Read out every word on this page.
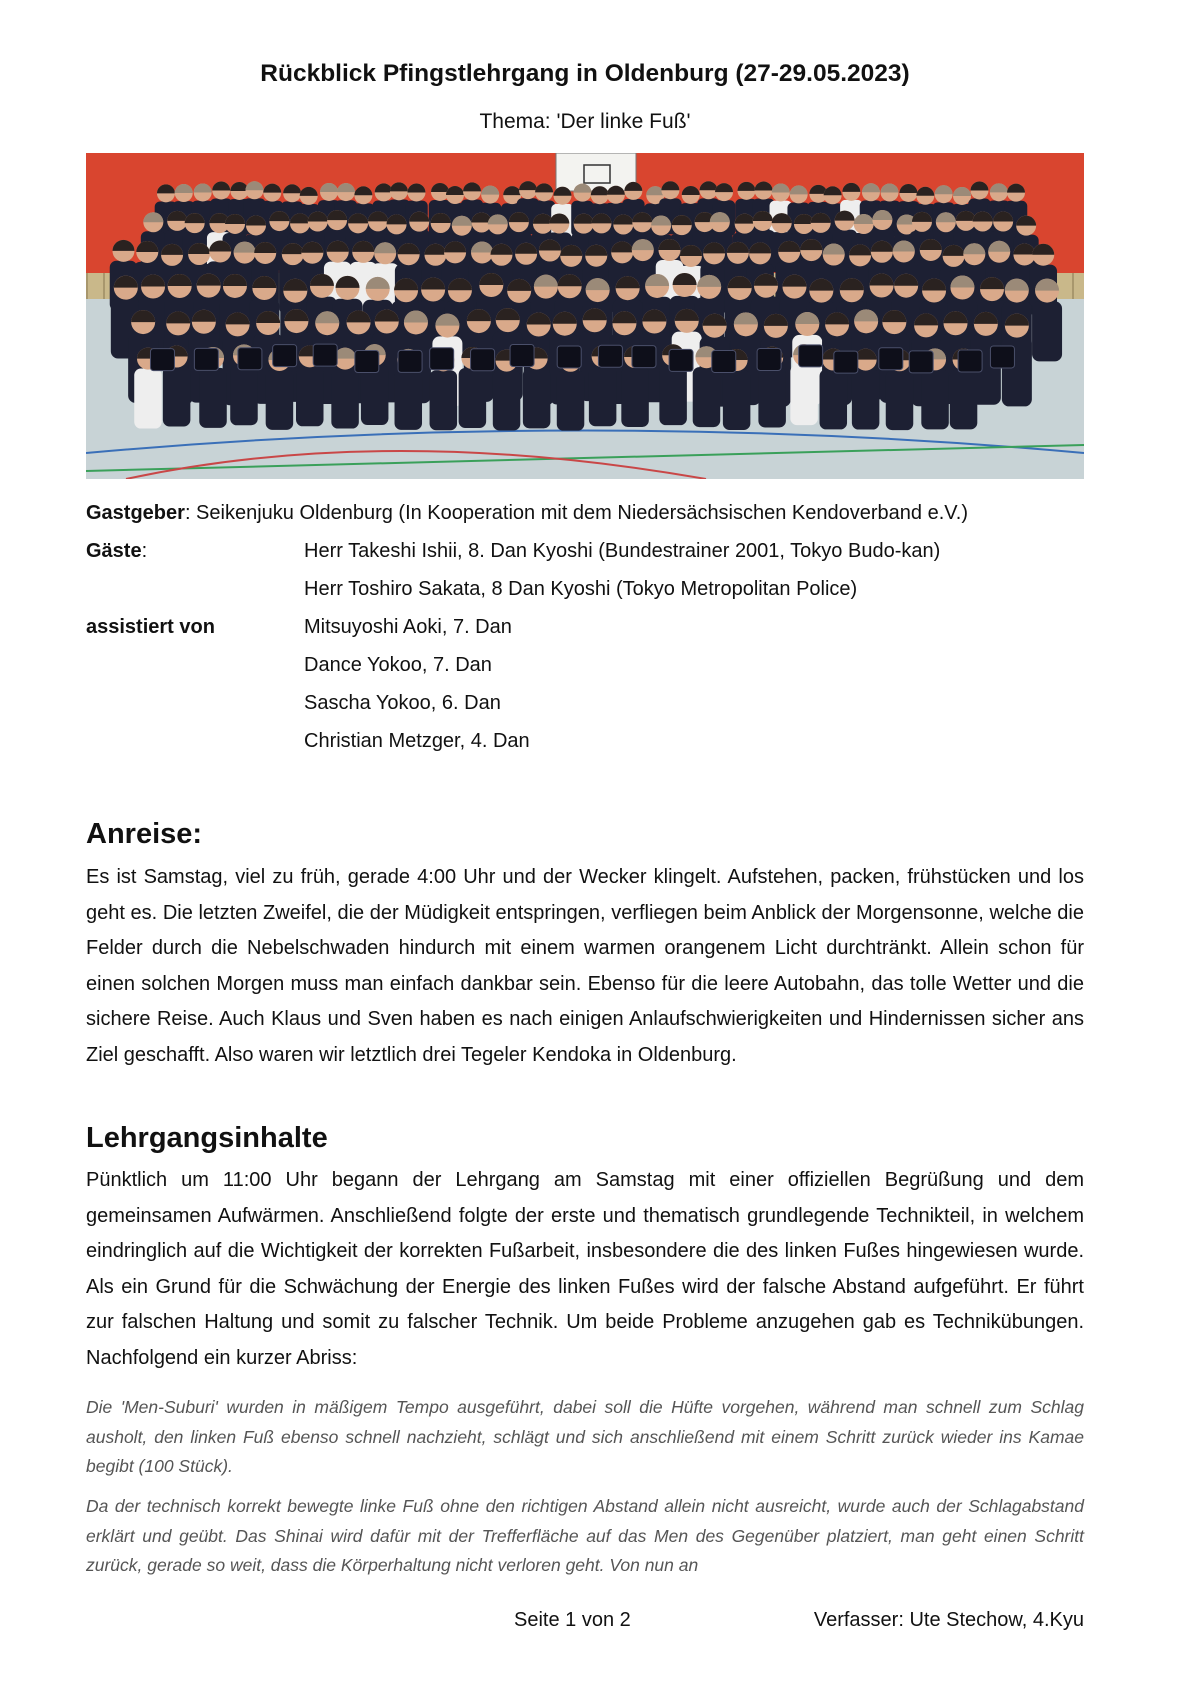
Rückblick Pfingstlehrgang in Oldenburg (27-29.05.2023)
Thema: 'Der linke Fuß'
Gastgeber: Seikenjuku Oldenburg (In Kooperation mit dem Niedersächsischen Kendoverband e.V.)
Gäste:	Herr Takeshi Ishii, 8. Dan Kyoshi (Bundestrainer 2001, Tokyo Budo-kan)
Herr Toshiro Sakata, 8 Dan Kyoshi (Tokyo Metropolitan Police)
assistiert von	Mitsuyoshi Aoki, 7. Dan
Dance Yokoo, 7. Dan
Sascha Yokoo, 6. Dan
Christian Metzger, 4. Dan
Anreise:

Es ist Samstag, viel zu früh, gerade 4:00 Uhr und der Wecker klingelt. Aufstehen, packen, frühstücken und los geht es. Die letzten Zweifel, die der Müdigkeit entspringen, verfliegen beim Anblick der Morgensonne, welche die Felder durch die Nebelschwaden hindurch mit einem warmen orangenem Licht durchtränkt. Allein schon für einen solchen Morgen muss man einfach dankbar sein. Ebenso für die leere Autobahn, das tolle Wetter und die sichere Reise. Auch Klaus und Sven haben es nach einigen Anlaufschwierigkeiten und Hindernissen sicher ans Ziel geschafft. Also waren wir letztlich drei Tegeler Kendoka in Oldenburg.

Lehrgangsinhalte

Pünktlich um 11:00 Uhr begann der Lehrgang am Samstag mit einer offiziellen Begrüßung und dem gemeinsamen Aufwärmen. Anschließend folgte der erste und thematisch grundlegende Technikteil, in welchem eindringlich auf die Wichtigkeit der korrekten Fußarbeit, insbesondere die des linken Fußes hingewiesen wurde. Als ein Grund für die Schwächung der Energie des linken Fußes wird der falsche Abstand aufgeführt. Er führt zur falschen Haltung und somit zu falscher Technik. Um beide Probleme anzugehen gab es Technikübungen. Nachfolgend ein kurzer Abriss:

Die 'Men-Suburi' wurden in mäßigem Tempo ausgeführt, dabei soll die Hüfte vorgehen, während man schnell zum Schlag ausholt, den linken Fuß ebenso schnell nachzieht, schlägt und sich anschließend mit einem Schritt zurück wieder ins Kamae begibt (100 Stück).

Da der technisch korrekt bewegte linke Fuß ohne den richtigen Abstand allein nicht ausreicht, wurde auch der Schlagabstand erklärt und geübt. Das Shinai wird dafür mit der Trefferfläche auf das Men des Gegenüber platziert, man geht einen Schritt zurück, gerade so weit, dass die Körperhaltung nicht verloren geht. Von nun an

Seite 1 von 2	Verfasser: Ute Stechow, 4.Kyu
